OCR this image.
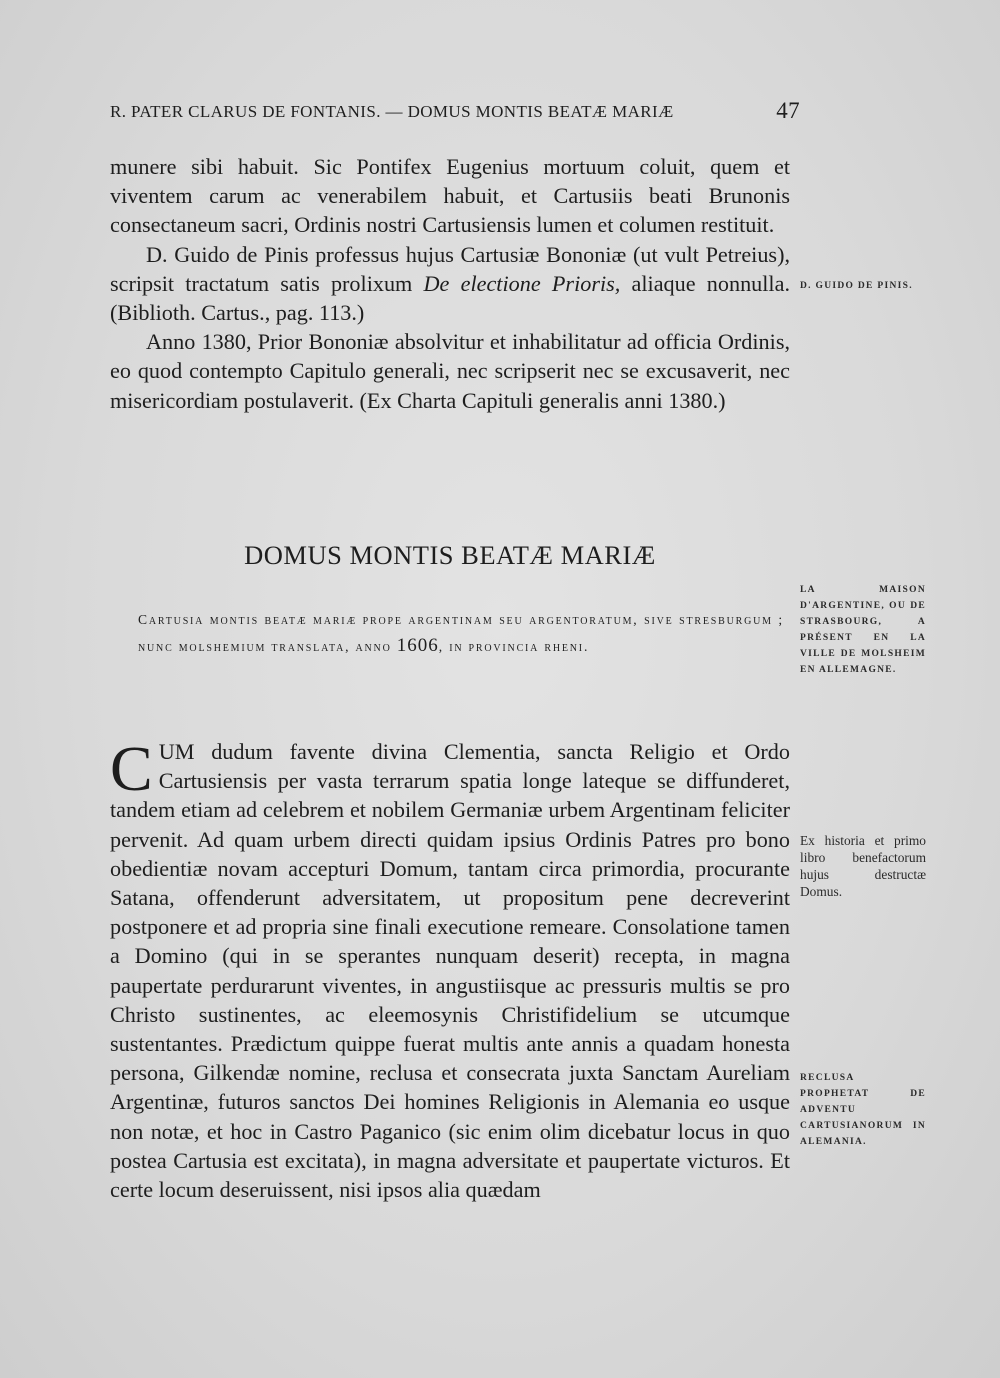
R. PATER CLARUS DE FONTANIS. — DOMUS MONTIS BEATÆ MARIÆ	47

munere sibi habuit. Sic Pontifex Eugenius mortuum coluit, quem et viventem carum ac venerabilem habuit, et Cartusiis beati Brunonis consectaneum sacri, Ordinis nostri Cartusiensis lumen et columen restituit.

D. Guido de Pinis professus hujus Cartusiæ Bononiæ (ut vult Petreius), scripsit tractatum satis prolixum De electione Prioris, aliaque nonnulla. (Biblioth. Cartus., pag. 113.)

Anno 1380, Prior Bononiæ absolvitur et inhabilitatur ad officia Ordinis, eo quod contempto Capitulo generali, nec scripserit nec se excusaverit, nec misericordiam postulaverit. (Ex Charta Capituli generalis anni 1380.)

DOMUS MONTIS BEATÆ MARIÆ
Cartusia montis beatæ mariæ prope argentinam seu argentoratum, sive stresburgum ; nunc molshemium translata, anno 1606, in provincia rheni.

CUM dudum favente divina Clementia, sancta Religio et Ordo Cartusiensis per vasta terrarum spatia longe lateque se diffunderet, tandem etiam ad celebrem et nobilem Germaniæ urbem Argentinam feliciter pervenit. Ad quam urbem directi quidam ipsius Ordinis Patres pro bono obedientiæ novam accepturi Domum, tantam circa primordia, procurante Satana, offenderunt adversitatem, ut propositum pene decreverint postponere et ad propria sine finali executione remeare. Consolatione tamen a Domino (qui in se sperantes nunquam deserit) recepta, in magna paupertate perdurarunt viventes, in angustiisque ac pressuris multis se pro Christo sustinentes, ac eleemosynis Christifidelium se utcumque sustentantes. Prædictum quippe fuerat multis ante annis a quadam honesta persona, Gilkendæ nomine, reclusa et consecrata juxta Sanctam Aureliam Argentinæ, futuros sanctos Dei homines Religionis in Alemania eo usque non notæ, et hoc in Castro Paganico (sic enim olim dicebatur locus in quo postea Cartusia est excitata), in magna adversitate et paupertate victuros. Et certe locum deseruissent, nisi ipsos alia quædam

D. GUIDO DE PINIS.
LA MAISON D'ARGENTINE, OU DE STRASBOURG, A PRÉSENT EN LA VILLE DE MOLSHEIM EN ALLEMAGNE.
Ex historia et primo libro benefactorum hujus destructæ Domus.
RECLUSA PROPHETAT DE ADVENTU CARTUSIANORUM IN ALEMANIA.
